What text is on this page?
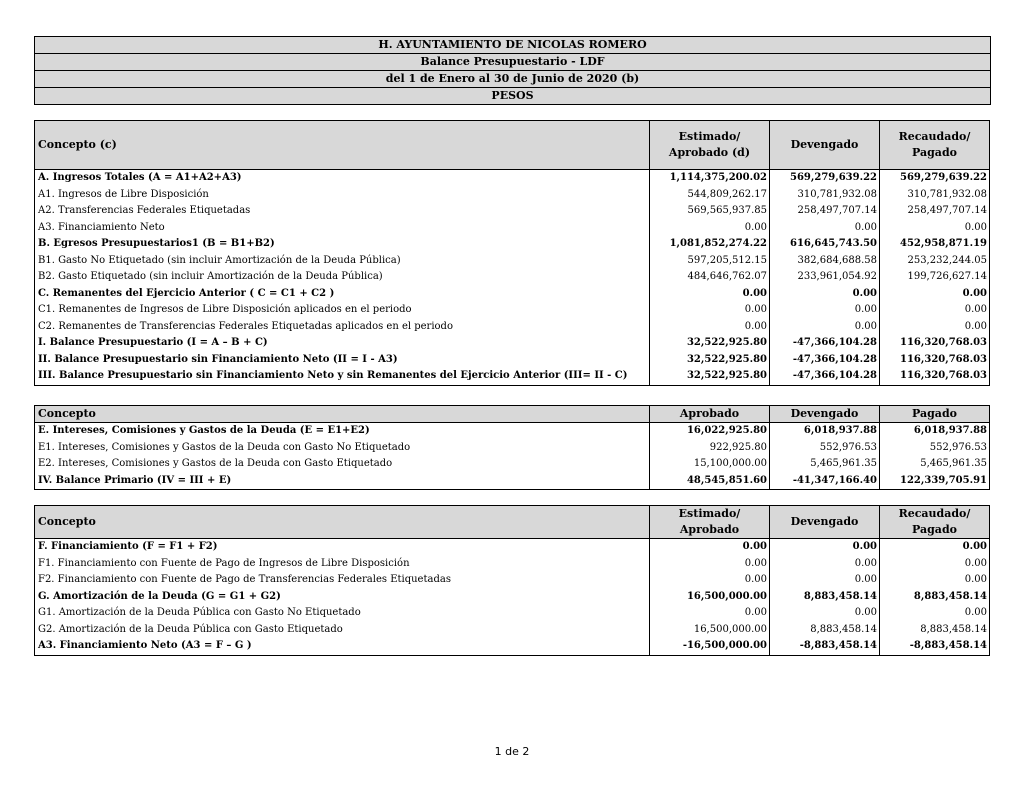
H. AYUNTAMIENTO DE NICOLAS ROMERO
Balance Presupuestario - LDF
del 1 de Enero al 30 de Junio de 2020 (b)
PESOS
Concepto (c)	Estimado/ Aprobado (d)	Devengado	Recaudado/ Pagado
A. Ingresos Totales (A = A1+A2+A3)	1,114,375,200.02	569,279,639.22	569,279,639.22
A1. Ingresos de Libre Disposición	544,809,262.17	310,781,932.08	310,781,932.08
A2. Transferencias Federales Etiquetadas	569,565,937.85	258,497,707.14	258,497,707.14
A3. Financiamiento Neto	0.00	0.00	0.00
B. Egresos Presupuestarios1 (B = B1+B2)	1,081,852,274.22	616,645,743.50	452,958,871.19
B1. Gasto No Etiquetado (sin incluir Amortización de la Deuda Pública)	597,205,512.15	382,684,688.58	253,232,244.05
B2. Gasto Etiquetado (sin incluir Amortización de la Deuda Pública)	484,646,762.07	233,961,054.92	199,726,627.14
C. Remanentes del Ejercicio Anterior ( C = C1 + C2 )	0.00	0.00	0.00
C1. Remanentes de Ingresos de Libre Disposición aplicados en el periodo	0.00	0.00	0.00
C2. Remanentes de Transferencias Federales Etiquetadas aplicados en el periodo	0.00	0.00	0.00
I. Balance Presupuestario (I = A – B + C)	32,522,925.80	-47,366,104.28	116,320,768.03
II. Balance Presupuestario sin Financiamiento Neto (II = I - A3)	32,522,925.80	-47,366,104.28	116,320,768.03
III. Balance Presupuestario sin Financiamiento Neto y sin Remanentes del Ejercicio Anterior (III= II - C)	32,522,925.80	-47,366,104.28	116,320,768.03
Concepto	Aprobado	Devengado	Pagado
E. Intereses, Comisiones y Gastos de la Deuda (E = E1+E2)	16,022,925.80	6,018,937.88	6,018,937.88
E1. Intereses, Comisiones y Gastos de la Deuda con Gasto No Etiquetado	922,925.80	552,976.53	552,976.53
E2. Intereses, Comisiones y Gastos de la Deuda con Gasto Etiquetado	15,100,000.00	5,465,961.35	5,465,961.35
IV. Balance Primario (IV = III + E)	48,545,851.60	-41,347,166.40	122,339,705.91
Concepto	Estimado/ Aprobado	Devengado	Recaudado/ Pagado
F. Financiamiento (F = F1 + F2)	0.00	0.00	0.00
F1. Financiamiento con Fuente de Pago de Ingresos de Libre Disposición	0.00	0.00	0.00
F2. Financiamiento con Fuente de Pago de Transferencias Federales Etiquetadas	0.00	0.00	0.00
G. Amortización de la Deuda (G = G1 + G2)	16,500,000.00	8,883,458.14	8,883,458.14
G1. Amortización de la Deuda Pública con Gasto No Etiquetado	0.00	0.00	0.00
G2. Amortización de la Deuda Pública con Gasto Etiquetado	16,500,000.00	8,883,458.14	8,883,458.14
A3. Financiamiento Neto (A3 = F – G )	-16,500,000.00	-8,883,458.14	-8,883,458.14
1 de 2
